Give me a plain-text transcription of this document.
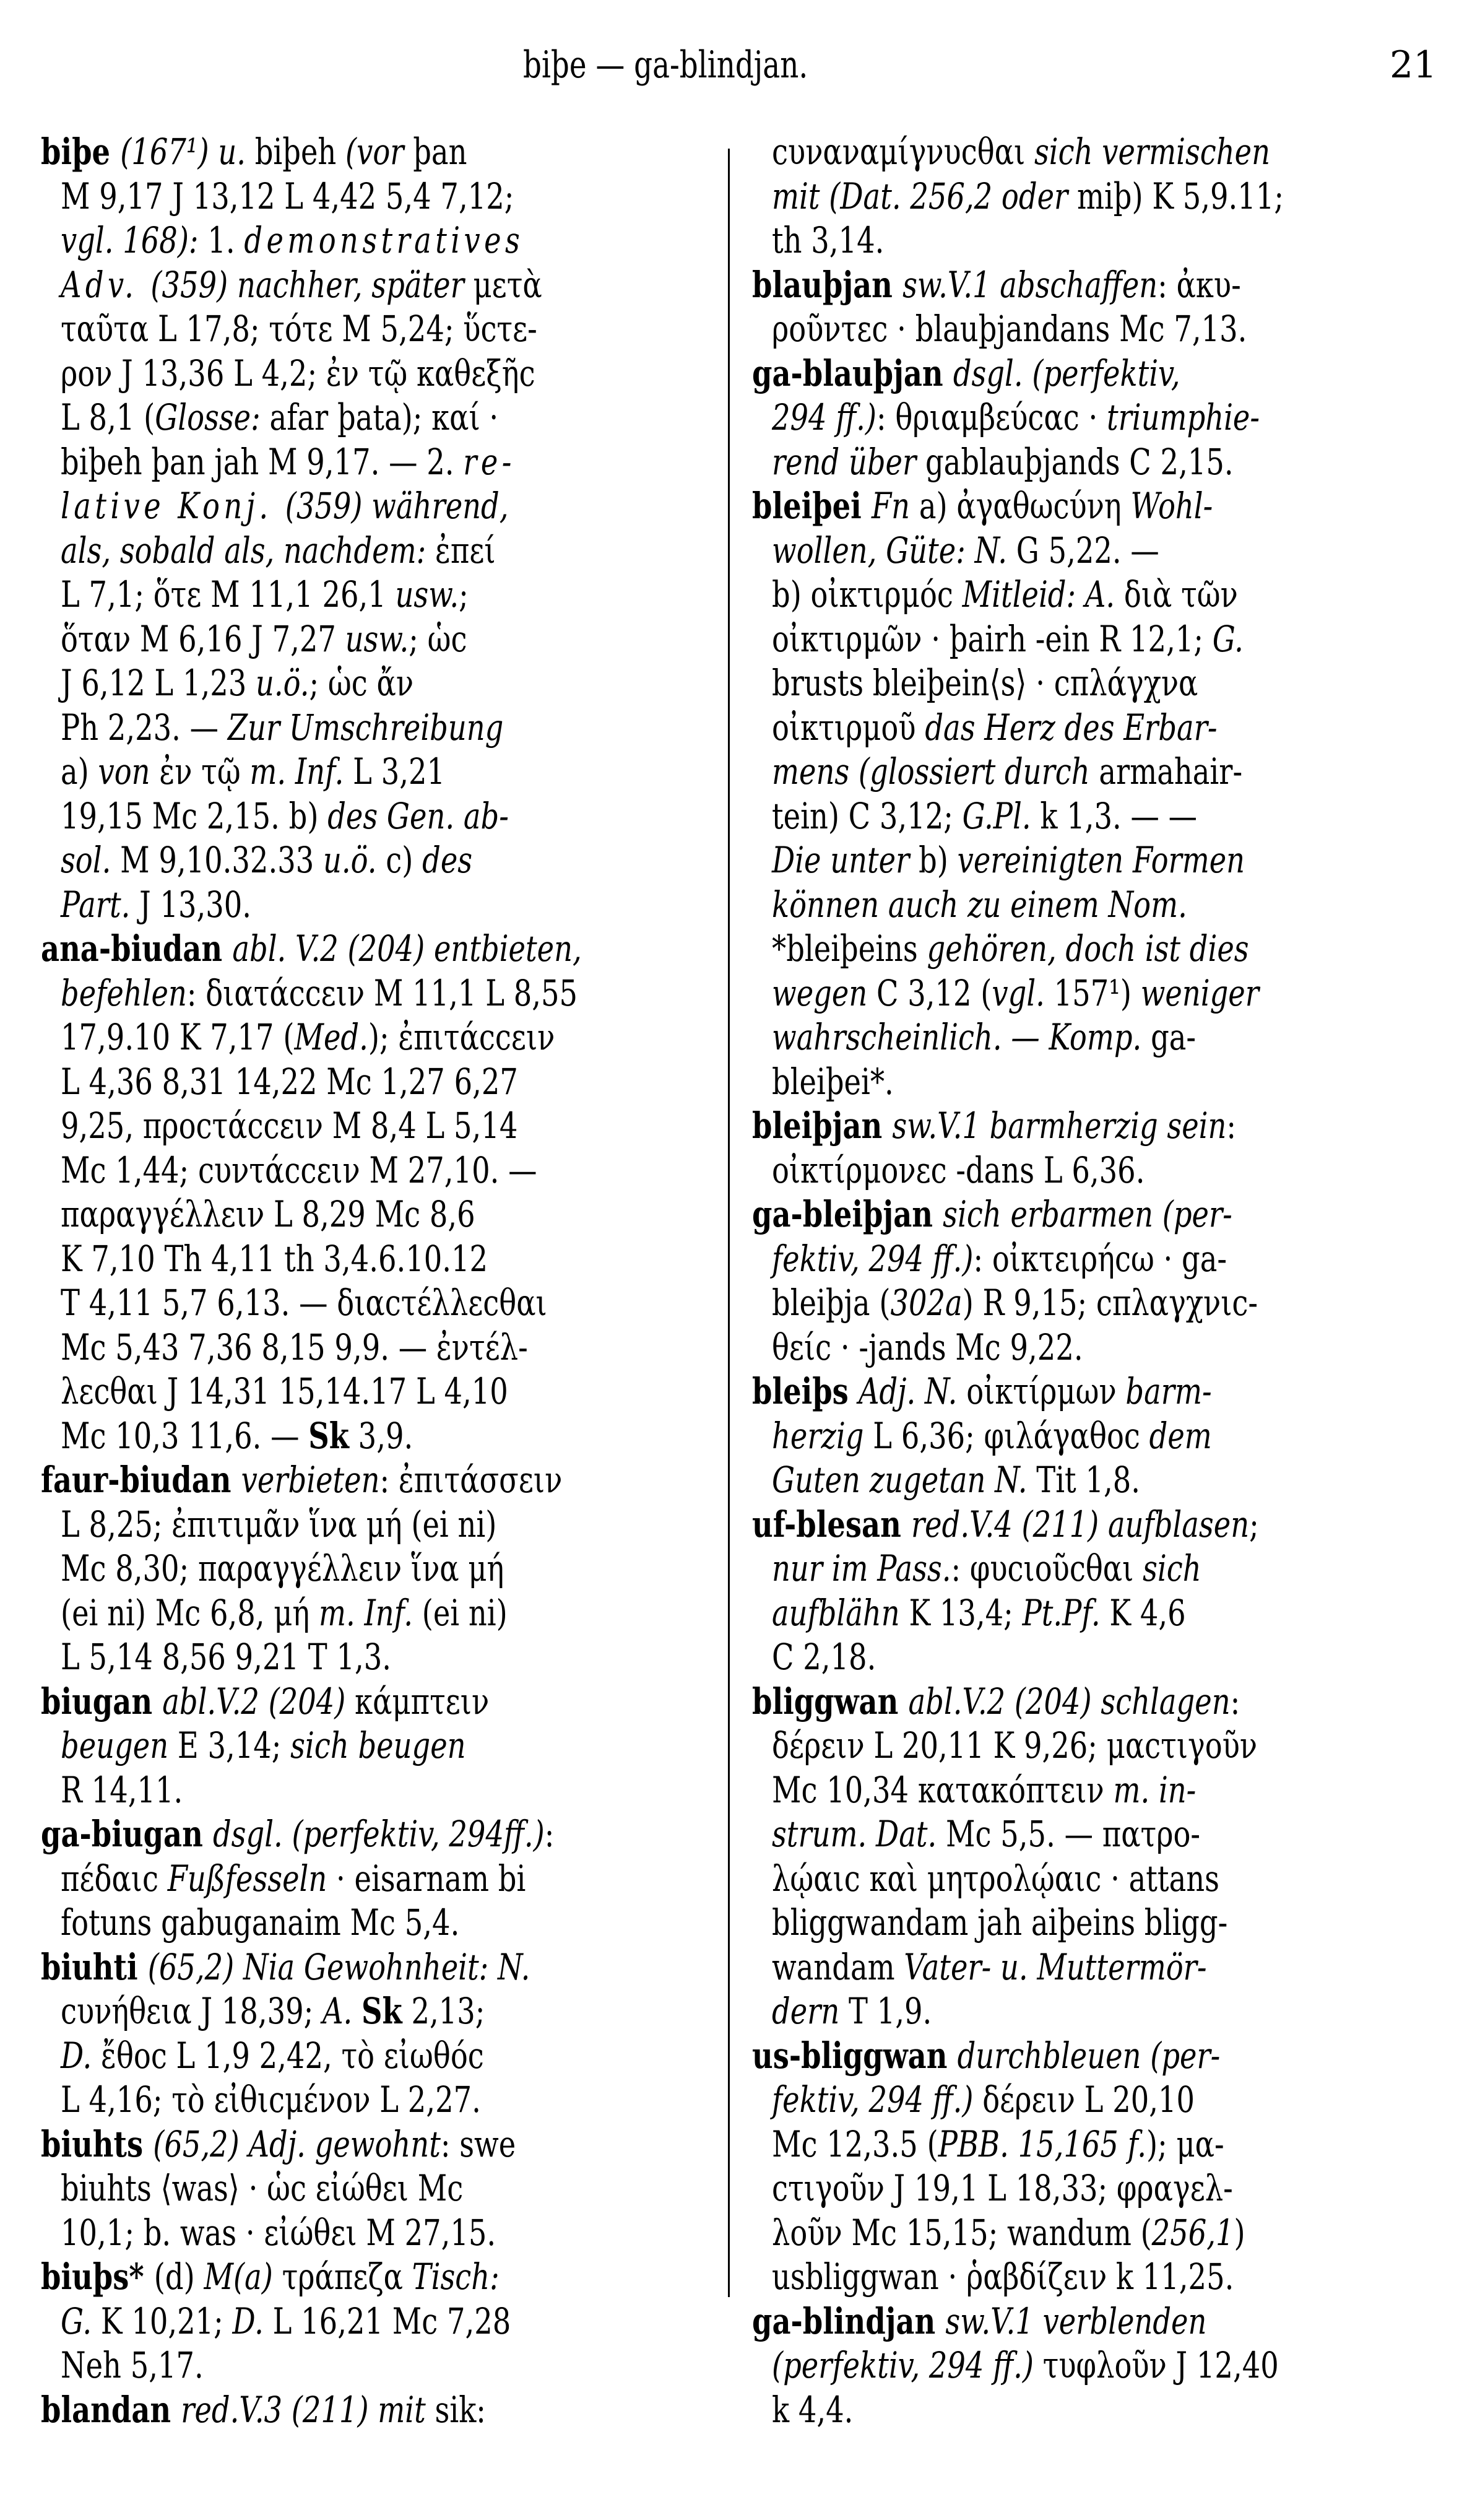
biþe — ga-blindjan.	21
biþe (167¹) u. biþeh (vor þan
M 9,17 J 13,12 L 4,42 5,4 7,12;
vgl. 168): 1. demonstratives
Adv. (359) nachher, später μετὰ
ταῦτα L 17,8; τότε M 5,24; ὕcτε-
ρον J 13,36 L 4,2; ἐν τῷ καθεξῆc
L 8,1 (Glosse: afar þata); καί ·
biþeh þan jah M 9,17. — 2. re-
lative Konj. (359) während,
als, sobald als, nachdem: ἐπεί
L 7,1; ὅτε M 11,1 26,1 usw.;
ὅταν M 6,16 J 7,27 usw.; ὡc
J 6,12 L 1,23 u.ö.; ὡc ἄν
Ph 2,23. — Zur Umschreibung
a) von ἐν τῷ m. Inf. L 3,21
19,15 Mc 2,15. b) des Gen. ab-
sol. M 9,10.32.33 u.ö. c) des
Part. J 13,30.
ana-biudan abl. V.2 (204) entbieten,
befehlen: διατάccειν M 11,1 L 8,55
17,9.10 K 7,17 (Med.); ἐπιτάccειν
L 4,36 8,31 14,22 Mc 1,27 6,27
9,25, προcτάccειν M 8,4 L 5,14
Mc 1,44; cυντάccειν M 27,10. —
παραγγέλλειν L 8,29 Mc 8,6
K 7,10 Th 4,11 th 3,4.6.10.12
T 4,11 5,7 6,13. — διαcτέλλεcθαι
Mc 5,43 7,36 8,15 9,9. — ἐντέλ-
λεcθαι J 14,31 15,14.17 L 4,10
Mc 10,3 11,6. — Sk 3,9.
faur-biudan verbieten: ἐπιτάσσειν
L 8,25; ἐπιτιμᾶν ἵνα μή (ei ni)
Mc 8,30; παραγγέλλειν ἵνα μή
(ei ni) Mc 6,8, μή m. Inf. (ei ni)
L 5,14 8,56 9,21 T 1,3.
biugan abl.V.2 (204) κάμπτειν
beugen E 3,14; sich beugen
R 14,11.
ga-biugan dsgl. (perfektiv, 294ff.):
πέδαιc Fußfesseln · eisarnam bi
fotuns gabuganaim Mc 5,4.
biuhti (65,2) Nia Gewohnheit: N.
cυνήθεια J 18,39; A. Sk 2,13;
D. ἔθοc L 1,9 2,42, τὸ εἰωθόc
L 4,16; τὸ εἰθιcμένον L 2,27.
biuhts (65,2) Adj. gewohnt: swe
biuhts ⟨was⟩ · ὡc εἰώθει Mc
10,1; b. was · εἰώθει M 27,15.
biuþs* (d) M(a) τράπεζα Tisch:
G. K 10,21; D. L 16,21 Mc 7,28
Neh 5,17.
blandan red.V.3 (211) mit sik:
cυναναμίγνυcθαι sich vermischen
mit (Dat. 256,2 oder miþ) K 5,9.11;
th 3,14.
blauþjan sw.V.1 abschaffen: ἀκυ-
ροῦντεc · blauþjandans Mc 7,13.
ga-blauþjan dsgl. (perfektiv,
294 ff.): θριαμβεύcαc · triumphie-
rend über gablauþjands C 2,15.
bleiþei Fn a) ἀγαθωcύνη Wohl-
wollen, Güte: N. G 5,22. —
b) οἰκτιρμόc Mitleid: A. διὰ τῶν
οἰκτιρμῶν · þairh -ein R 12,1; G.
brusts bleiþein⟨s⟩ · cπλάγχνα
οἰκτιρμοῦ das Herz des Erbar-
mens (glossiert durch armahair-
tein) C 3,12; G.Pl. k 1,3. — —
Die unter b) vereinigten Formen
können auch zu einem Nom.
*bleiþeins gehören, doch ist dies
wegen C 3,12 (vgl. 157¹) weniger
wahrscheinlich. — Komp. ga-
bleiþei*.
bleiþjan sw.V.1 barmherzig sein:
οἰκτίρμονεc -dans L 6,36.
ga-bleiþjan sich erbarmen (per-
fektiv, 294 ff.): οἰκτειρήcω · ga-
bleiþja (302a) R 9,15; cπλαγχνιc-
θείc · -jands Mc 9,22.
bleiþs Adj. N. οἰκτίρμων barm-
herzig L 6,36; φιλάγαθοc dem
Guten zugetan N. Tit 1,8.
uf-blesan red.V.4 (211) aufblasen;
nur im Pass.: φυcιοῦcθαι sich
aufblähn K 13,4; Pt.Pf. K 4,6
C 2,18.
bliggwan abl.V.2 (204) schlagen:
δέρειν L 20,11 K 9,26; μαcτιγοῦν
Mc 10,34 κατακόπτειν m. in-
strum. Dat. Mc 5,5. — πατρο-
λῴαιc καὶ μητρολῴαιc · attans
bliggwandam jah aiþeins bligg-
wandam Vater- u. Muttermör-
dern T 1,9.
us-bliggwan durchbleuen (per-
fektiv, 294 ff.) δέρειν L 20,10
Mc 12,3.5 (PBB. 15,165 f.); μα-
cτιγοῦν J 19,1 L 18,33; φραγελ-
λοῦν Mc 15,15; wandum (256,1)
usbliggwan · ῥαβδίζειν k 11,25.
ga-blindjan sw.V.1 verblenden
(perfektiv, 294 ff.) τυφλοῦν J 12,40
k 4,4.
